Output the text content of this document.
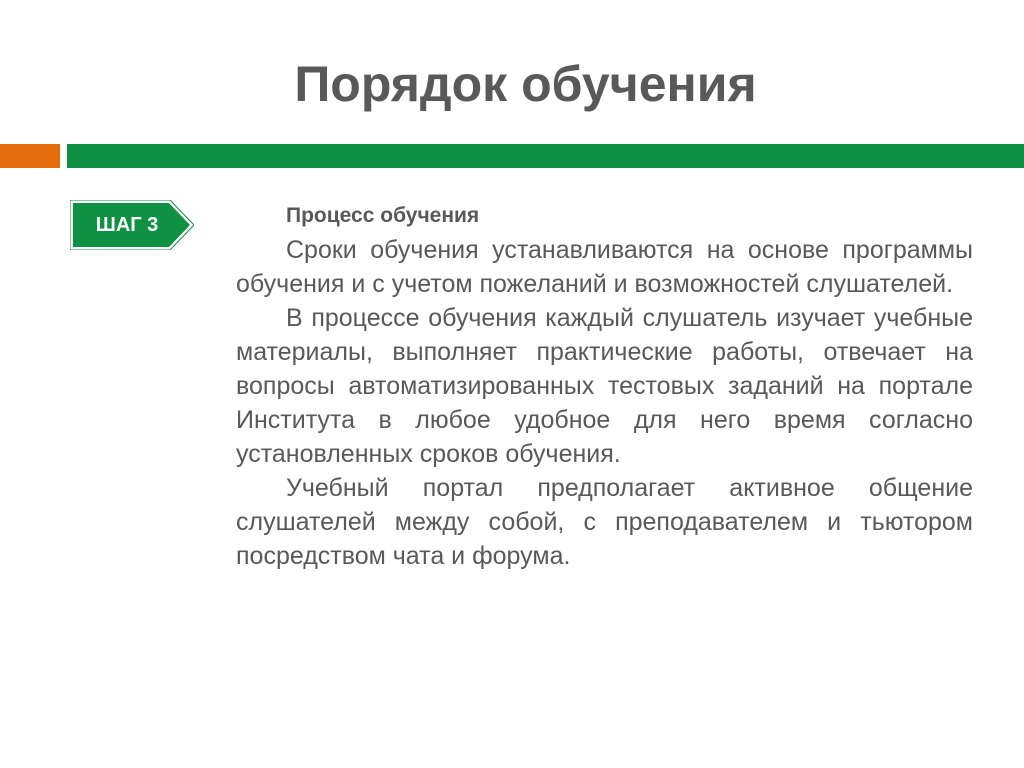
Порядок обучения
ШАГ 3	Процесс обучения

Сроки обучения устанавливаются на основе программы обучения и с учетом пожеланий и возможностей слушателей.

В процессе обучения каждый слушатель изучает учебные материалы, выполняет практические работы, отвечает на вопросы автоматизированных тестовых заданий на портале Института в любое удобное для него время согласно установленных сроков обучения.

Учебный портал предполагает активное общение слушателей между собой, с преподавателем и тьютором посредством чата и форума.
